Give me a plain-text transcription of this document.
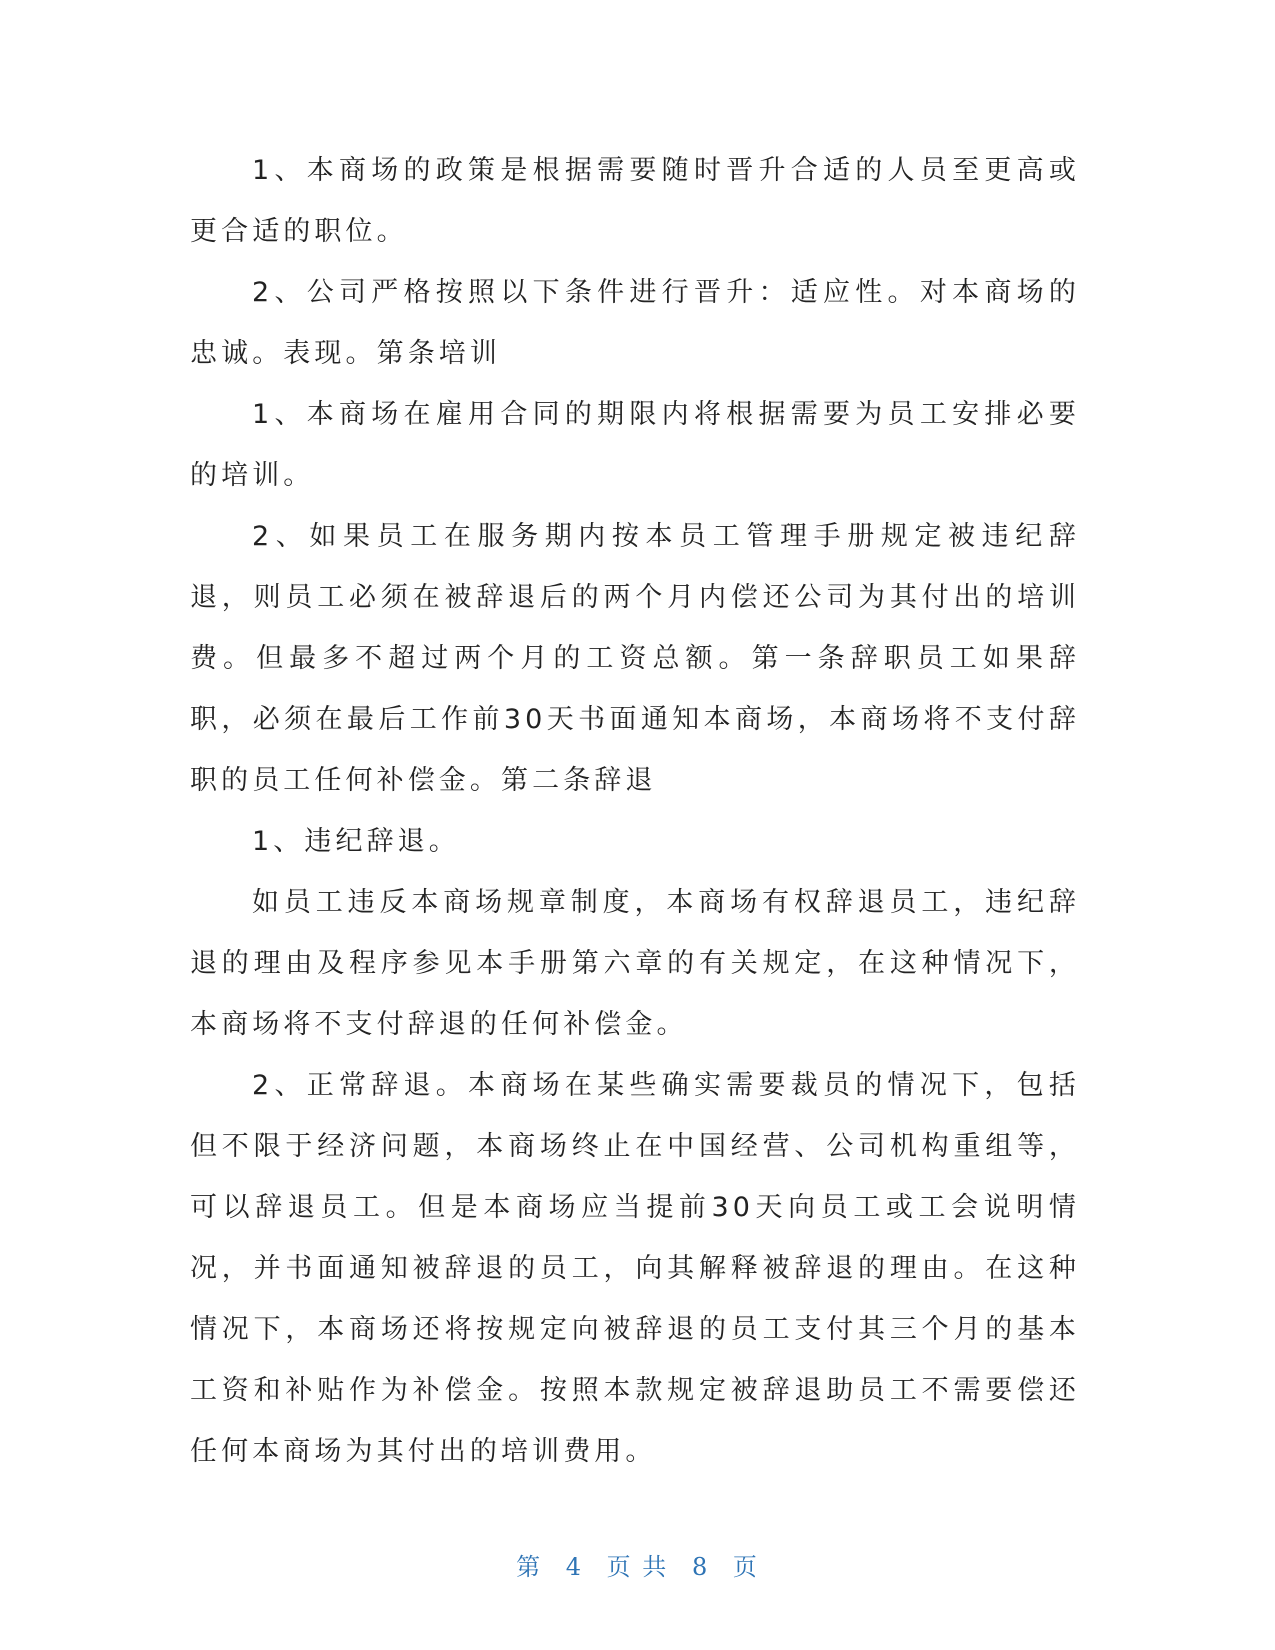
1、本商场的政策是根据需要随时晋升合适的人员至更高或更合适的职位。

2、公司严格按照以下条件进行晋升：适应性。对本商场的忠诚。表现。第条培训

1、本商场在雇用合同的期限内将根据需要为员工安排必要的培训。

2、如果员工在服务期内按本员工管理手册规定被违纪辞退，则员工必须在被辞退后的两个月内偿还公司为其付出的培训费。但最多不超过两个月的工资总额。第一条辞职员工如果辞职，必须在最后工作前30天书面通知本商场，本商场将不支付辞职的员工任何补偿金。第二条辞退

1、违纪辞退。

如员工违反本商场规章制度，本商场有权辞退员工，违纪辞退的理由及程序参见本手册第六章的有关规定，在这种情况下，本商场将不支付辞退的任何补偿金。

2、正常辞退。本商场在某些确实需要裁员的情况下，包括但不限于经济问题，本商场终止在中国经营、公司机构重组等，可以辞退员工。但是本商场应当提前30天向员工或工会说明情况，并书面通知被辞退的员工，向其解释被辞退的理由。在这种情况下，本商场还将按规定向被辞退的员工支付其三个月的基本工资和补贴作为补偿金。按照本款规定被辞退助员工不需要偿还任何本商场为其付出的培训费用。

第 4 页 共 8 页
